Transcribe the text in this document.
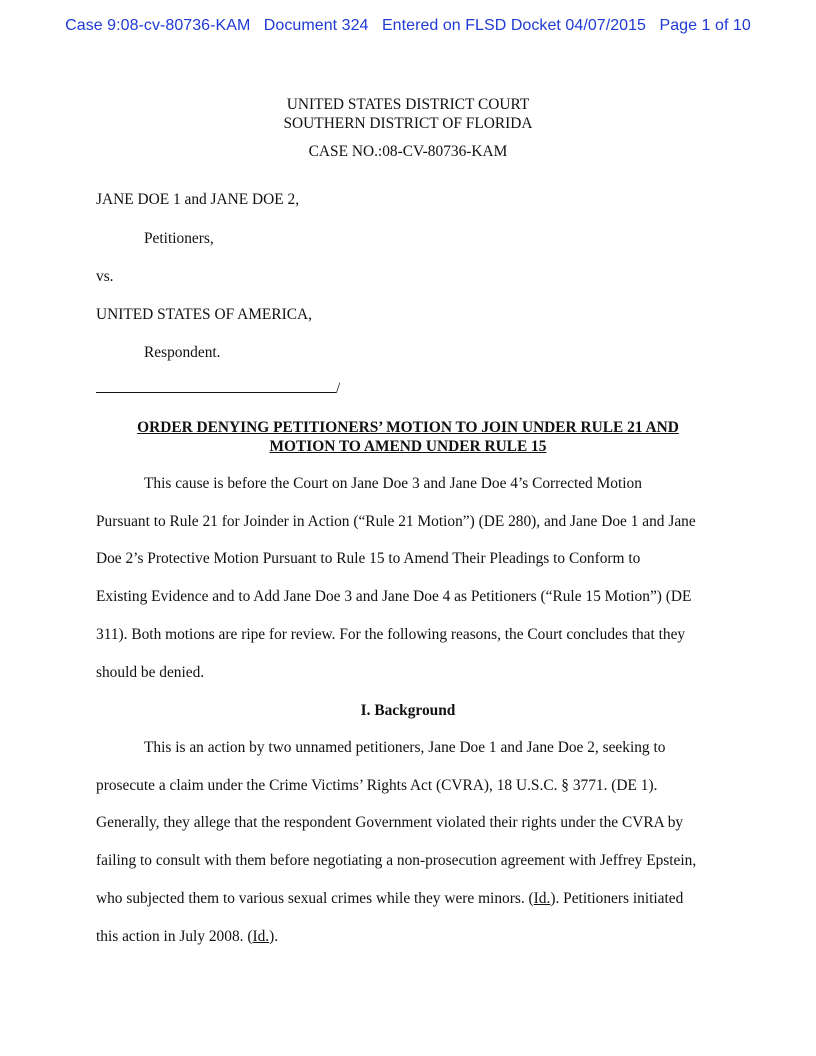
Case 9:08-cv-80736-KAM   Document 324   Entered on FLSD Docket 04/07/2015   Page 1 of 10
UNITED STATES DISTRICT COURT
SOUTHERN DISTRICT OF FLORIDA
CASE NO.:08-CV-80736-KAM
JANE DOE 1 and JANE DOE 2,
Petitioners,
vs.
UNITED STATES OF AMERICA,
Respondent.
/
ORDER DENYING PETITIONERS’ MOTION TO JOIN UNDER RULE 21 AND
MOTION TO AMEND UNDER RULE 15
This cause is before the Court on Jane Doe 3 and Jane Doe 4’s Corrected Motion
Pursuant to Rule 21 for Joinder in Action (“Rule 21 Motion”) (DE 280), and Jane Doe 1 and Jane
Doe 2’s Protective Motion Pursuant to Rule 15 to Amend Their Pleadings to Conform to
Existing Evidence and to Add Jane Doe 3 and Jane Doe 4 as Petitioners (“Rule 15 Motion”) (DE
311). Both motions are ripe for review. For the following reasons, the Court concludes that they
should be denied.
I. Background
This is an action by two unnamed petitioners, Jane Doe 1 and Jane Doe 2, seeking to
prosecute a claim under the Crime Victims’ Rights Act (CVRA), 18 U.S.C. § 3771. (DE 1).
Generally, they allege that the respondent Government violated their rights under the CVRA by
failing to consult with them before negotiating a non-prosecution agreement with Jeffrey Epstein,
who subjected them to various sexual crimes while they were minors. (Id.). Petitioners initiated
this action in July 2008. (Id.).
